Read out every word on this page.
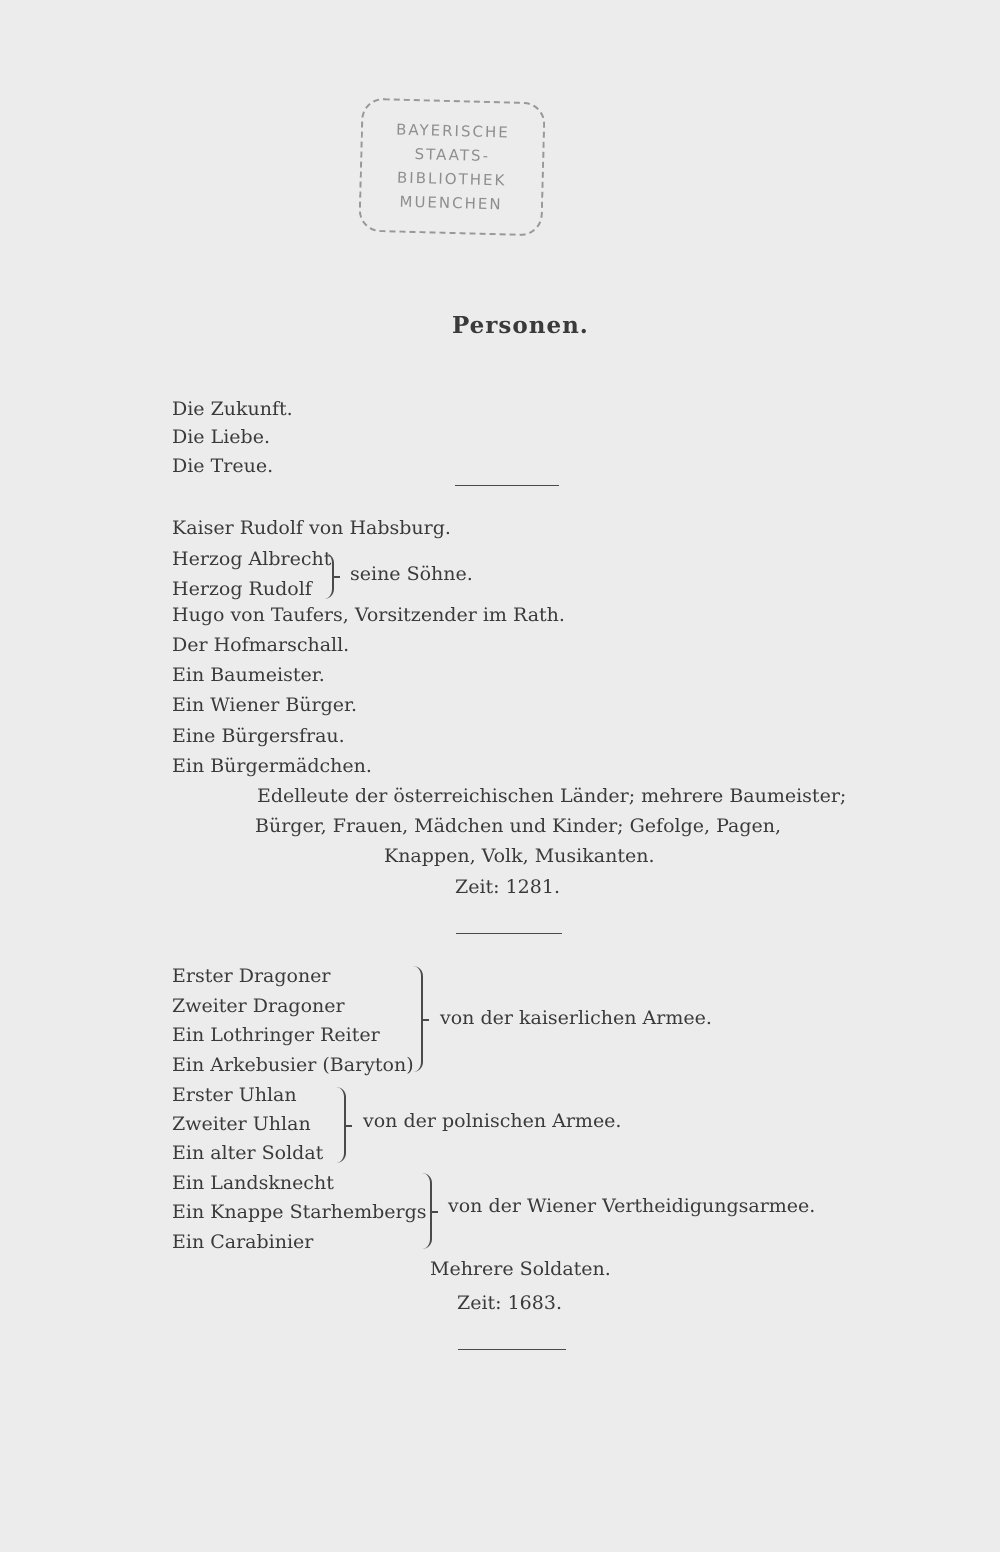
BAYERISCHE
STAATS-
BIBLIOTHEK
MUENCHEN
Personen.
Die Zukunft.
Die Liebe.
Die Treue.
Kaiser Rudolf von Habsburg.
Herzog Albrecht
Herzog Rudolf
seine Söhne.
Hugo von Taufers, Vorsitzender im Rath.
Der Hofmarschall.
Ein Baumeister.
Ein Wiener Bürger.
Eine Bürgersfrau.
Ein Bürgermädchen.
Edelleute der österreichischen Länder; mehrere Baumeister;
Bürger, Frauen, Mädchen und Kinder; Gefolge, Pagen,
Knappen, Volk, Musikanten.
Zeit: 1281.
Erster Dragoner
Zweiter Dragoner
Ein Lothringer Reiter
Ein Arkebusier (Baryton)
von der kaiserlichen Armee.
Erster Uhlan
Zweiter Uhlan
Ein alter Soldat
von der polnischen Armee.
Ein Landsknecht
Ein Knappe Starhembergs
Ein Carabinier
von der Wiener Vertheidigungsarmee.
Mehrere Soldaten.
Zeit: 1683.
